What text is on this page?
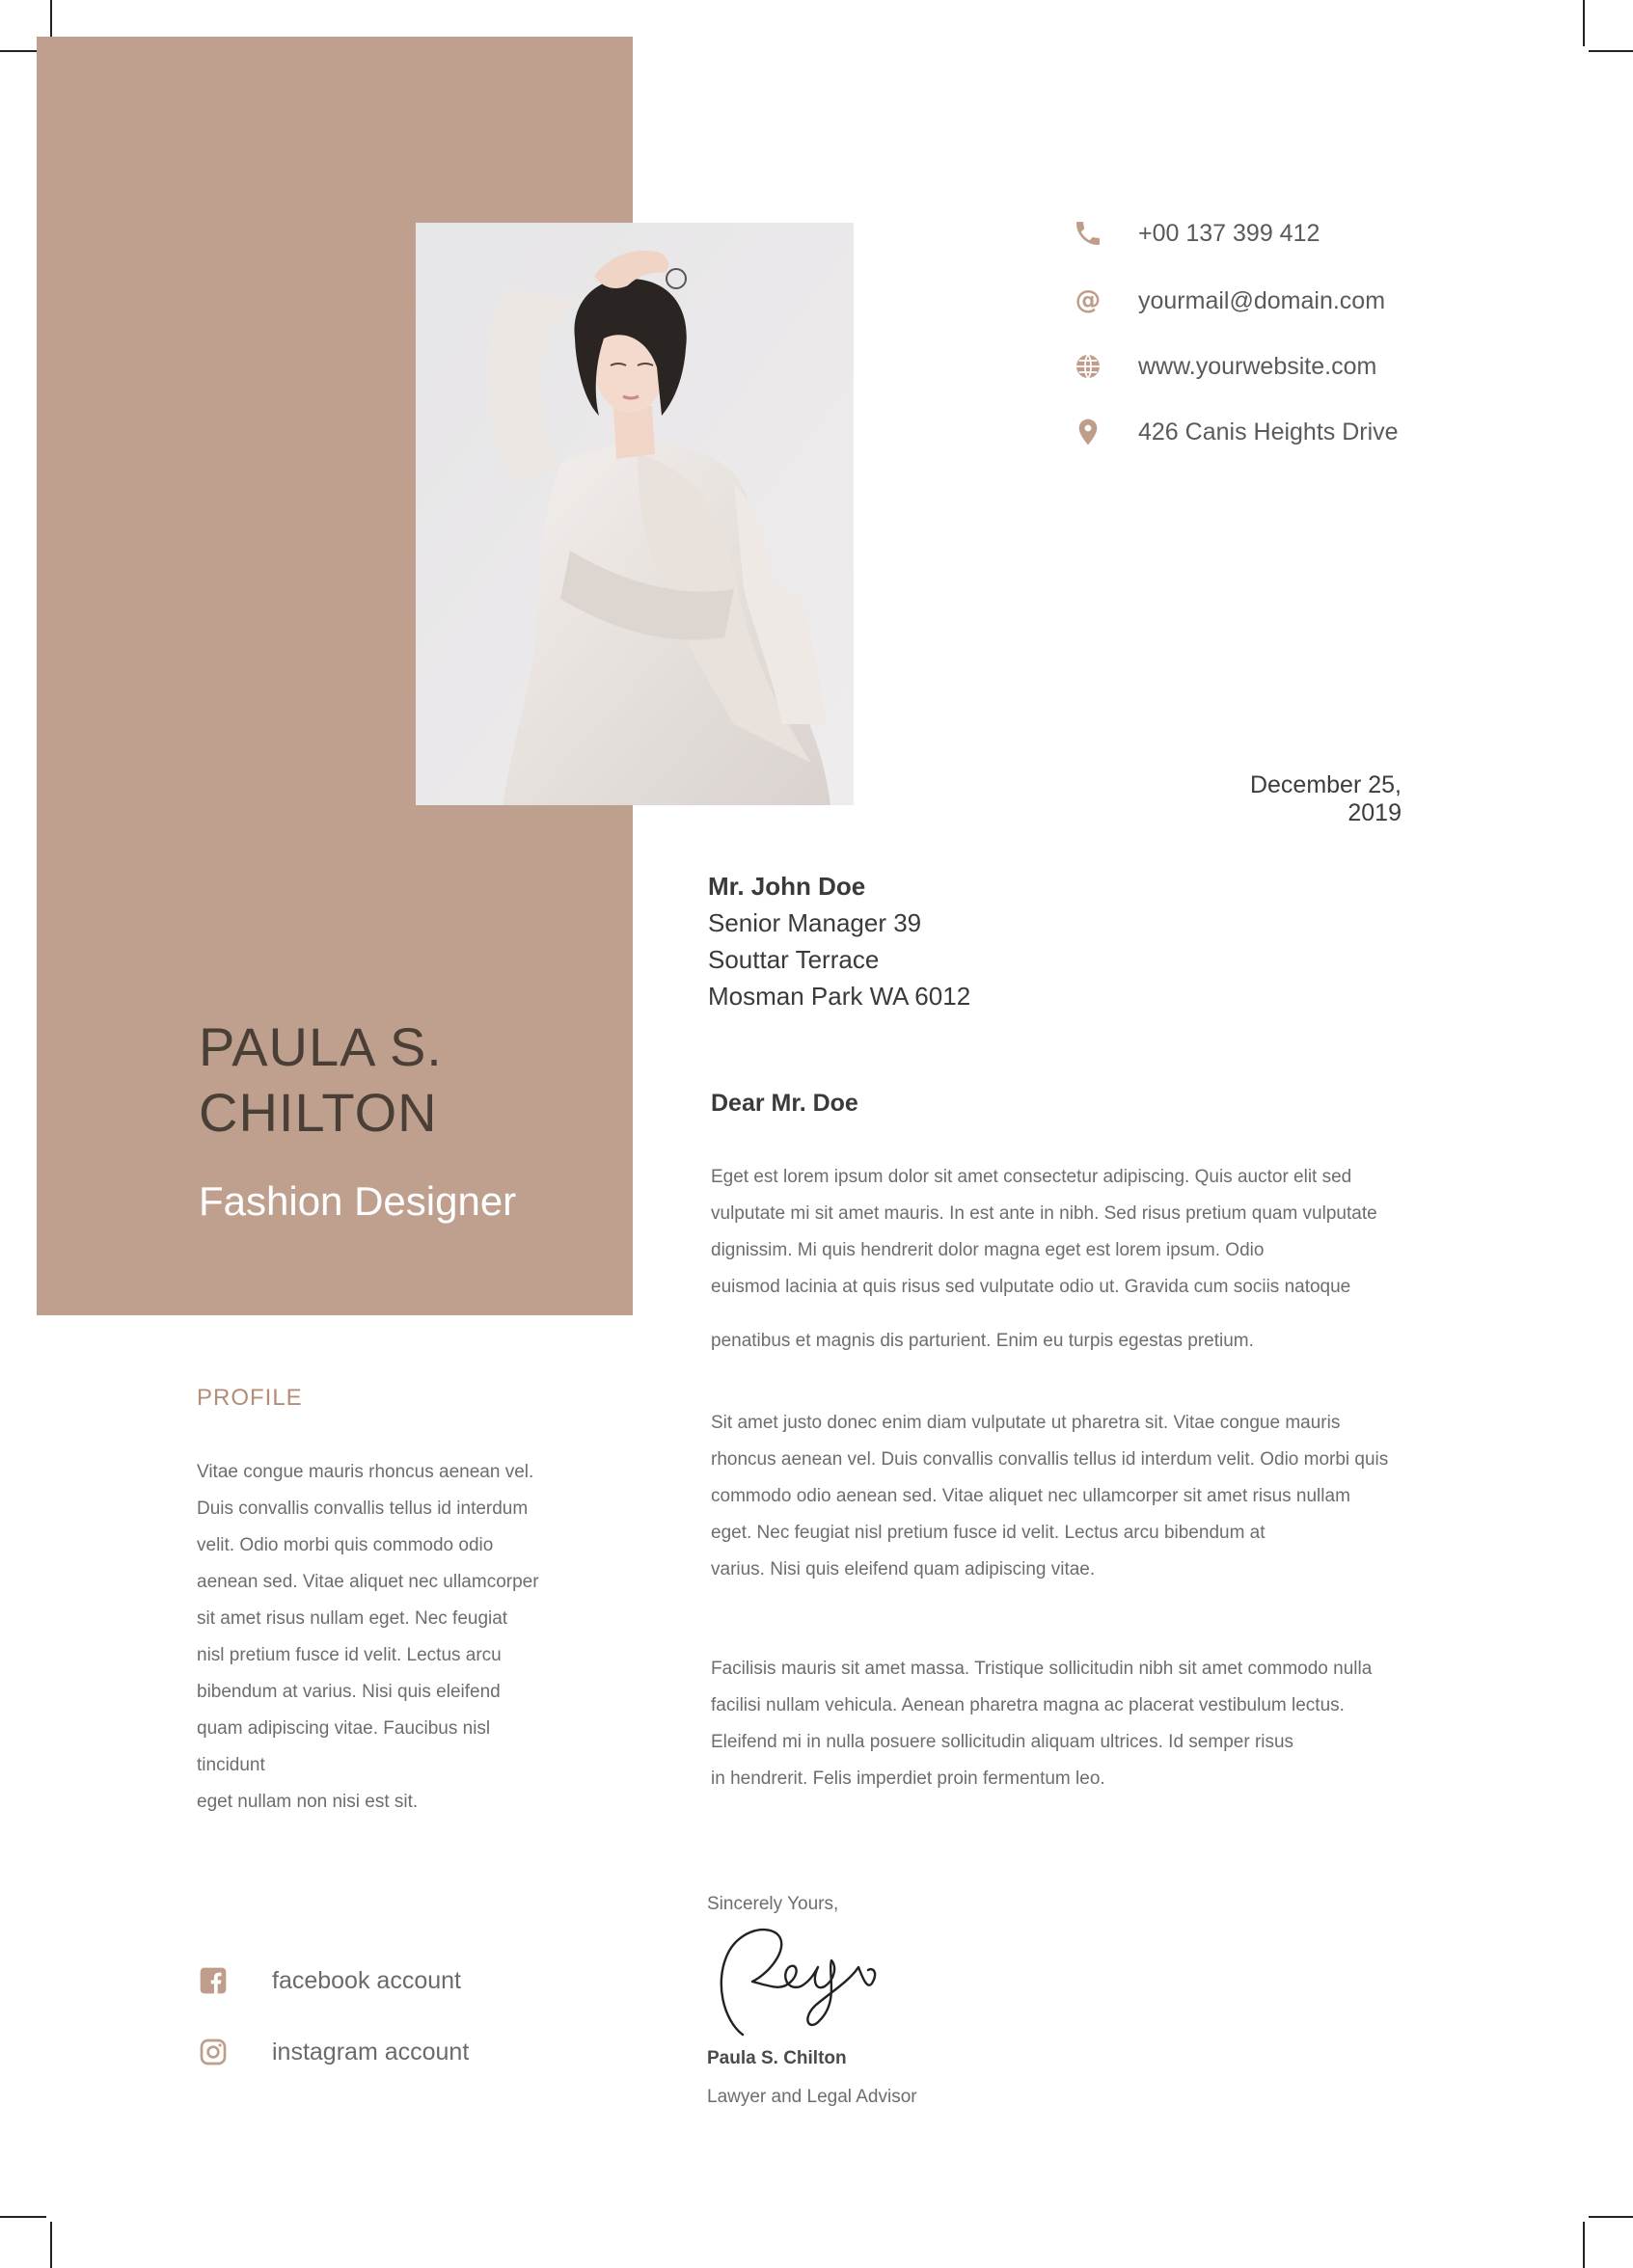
PAULA S.
CHILTON
Fashion Designer
+00 137 399 412
@ yourmail@domain.com
www.yourwebsite.com
426 Canis Heights Drive
December 25, 2019
Mr. John Doe
Senior Manager 39
Souttar Terrace
Mosman Park WA 6012
Dear Mr. Doe
Eget est lorem ipsum dolor sit amet consectetur adipiscing. Quis auctor elit sed
vulputate mi sit amet mauris. In est ante in nibh. Sed risus pretium quam vulputate
dignissim. Mi quis hendrerit dolor magna eget est lorem ipsum. Odio
euismod lacinia at quis risus sed vulputate odio ut. Gravida cum sociis natoque
penatibus et magnis dis parturient. Enim eu turpis egestas pretium.
Sit amet justo donec enim diam vulputate ut pharetra sit. Vitae congue mauris
rhoncus aenean vel. Duis convallis convallis tellus id interdum velit. Odio morbi quis
commodo odio aenean sed. Vitae aliquet nec ullamcorper sit amet risus nullam
eget. Nec feugiat nisl pretium fusce id velit. Lectus arcu bibendum at
varius. Nisi quis eleifend quam adipiscing vitae.
Facilisis mauris sit amet massa. Tristique sollicitudin nibh sit amet commodo nulla
facilisi nullam vehicula. Aenean pharetra magna ac placerat vestibulum lectus.
Eleifend mi in nulla posuere sollicitudin aliquam ultrices. Id semper risus
in hendrerit. Felis imperdiet proin fermentum leo.
Sincerely Yours,
Paula S. Chilton
Lawyer and Legal Advisor
PROFILE
Vitae congue mauris rhoncus aenean vel.
Duis convallis convallis tellus id interdum
velit. Odio morbi quis commodo odio
aenean sed. Vitae aliquet nec ullamcorper
sit amet risus nullam eget. Nec feugiat
nisl pretium fusce id velit. Lectus arcu
bibendum at varius. Nisi quis eleifend
quam adipiscing vitae. Faucibus nisl
tincidunt
eget nullam non nisi est sit.
facebook account
instagram account
